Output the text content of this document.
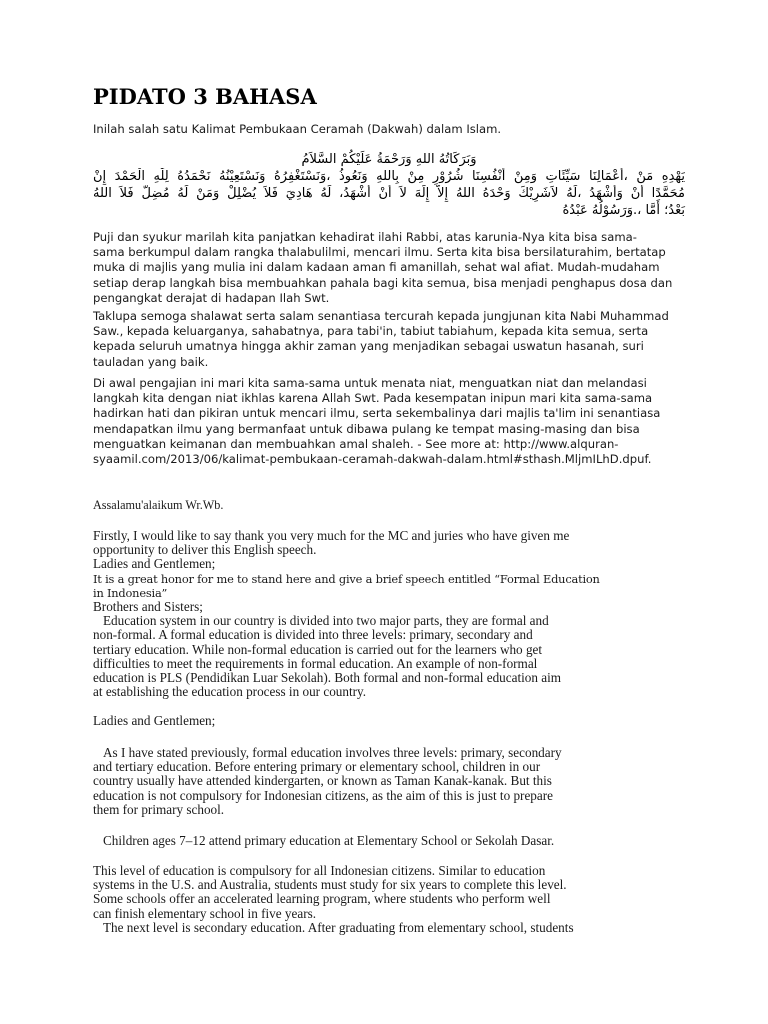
PIDATO 3 BAHASA
Inilah salah satu Kalimat Pembukaan Ceramah (Dakwah) dalam Islam.
وَبَرَكَاتُهُ اللهِ وَرَحْمَةُ عَلَيْكُمْ السَّلاَمُ
يَهْدِهِ مَنْ ،أَعْمَالِنَا سَيِّئَاتِ وَمِنْ أَنْفُسِنَا شُرُوْرِ مِنْ بِاللهِ وَنَعُوذُ ،وَنَسْتَغْفِرُهُ وَنَسْتَعِيْنُهُ نَحْمَدُهُ لِلّٰهِ الْحَمْدَ إِنْ
مُحَمَّدًا أَنْ وَأَشْهَدُ ،لَهُ لاَشَرِيْكَ وَحْدَهُ اللهُ إِلاَّ إِلَهَ لاَ أَنْ أَشْهَدُ، لَهُ هَادِيَ فَلاَ يُضْلِلْ وَمَنْ لَهُ مُضِلَّ فَلاَ اللهُ
بَعْدُ؛ أَمَّا ،.وَرَسُوْلُهُ عَبْدُهُ

Puji dan syukur marilah kita panjatkan kehadirat ilahi Rabbi, atas karunia-Nya kita bisa sama-
sama berkumpul dalam rangka thalabulilmi, mencari ilmu. Serta kita bisa bersilaturahim, bertatap
muka di majlis yang mulia ini dalam kadaan aman fi amanillah, sehat wal afiat. Mudah-mudaham
setiap derap langkah bisa membuahkan pahala bagi kita semua, bisa menjadi penghapus dosa dan
pengangkat derajat di hadapan Ilah Swt.

Taklupa semoga shalawat serta salam senantiasa tercurah kepada jungjunan kita Nabi Muhammad
Saw., kepada keluarganya, sahabatnya, para tabi'in, tabiut tabiahum, kepada kita semua, serta
kepada seluruh umatnya hingga akhir zaman yang menjadikan sebagai uswatun hasanah, suri
tauladan yang baik.

Di awal pengajian ini mari kita sama-sama untuk menata niat, menguatkan niat dan melandasi
langkah kita dengan niat ikhlas karena Allah Swt. Pada kesempatan inipun mari kita sama-sama
hadirkan hati dan pikiran untuk mencari ilmu, serta sekembalinya dari majlis ta'lim ini senantiasa
mendapatkan ilmu yang bermanfaat untuk dibawa pulang ke tempat masing-masing dan bisa
menguatkan keimanan dan membuahkan amal shaleh. - See more at: http://www.alquran-
syaamil.com/2013/06/kalimat-pembukaan-ceramah-dakwah-dalam.html#sthash.MljmILhD.dpuf.

Assalamu'alaikum Wr.Wb.
Firstly, I would like to say thank you very much for the MC and juries who have given me
opportunity to deliver this English speech.
Ladies and Gentlemen;
It is a great honor for me to stand here and give a brief speech entitled “Formal Education
in Indonesia”
Brothers and Sisters;
Education system in our country is divided into two major parts, they are formal and
non-formal. A formal education is divided into three levels: primary, secondary and
tertiary education. While non-formal education is carried out for the learners who get
difficulties to meet the requirements in formal education. An example of non-formal
education is PLS (Pendidikan Luar Sekolah). Both formal and non-formal education aim
at establishing the education process in our country.
Ladies and Gentlemen;
As I have stated previously, formal education involves three levels: primary, secondary
and tertiary education. Before entering primary or elementary school, children in our
country usually have attended kindergarten, or known as Taman Kanak-kanak. But this
education is not compulsory for Indonesian citizens, as the aim of this is just to prepare
them for primary school.
Children ages 7–12 attend primary education at Elementary School or Sekolah Dasar.
This level of education is compulsory for all Indonesian citizens. Similar to education
systems in the U.S. and Australia, students must study for six years to complete this level.
Some schools offer an accelerated learning program, where students who perform well
can finish elementary school in five years.
The next level is secondary education. After graduating from elementary school, students
